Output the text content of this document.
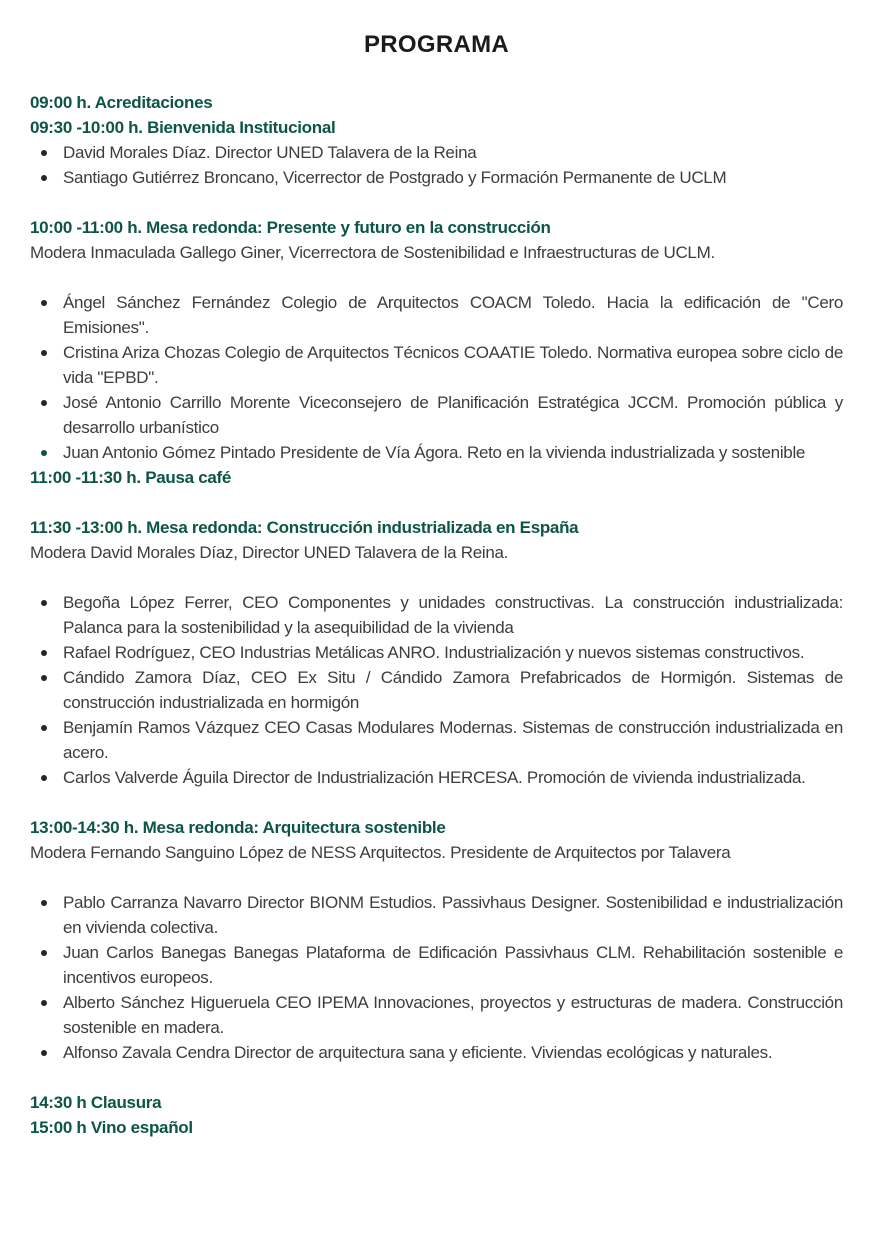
PROGRAMA

09:00 h. Acreditaciones

09:30 -10:00 h. Bienvenida Institucional

David Morales Díaz. Director UNED Talavera de la Reina
Santiago Gutiérrez Broncano, Vicerrector de Postgrado y Formación Permanente de UCLM

10:00 -11:00 h. Mesa redonda: Presente y futuro en la construcción

Modera Inmaculada Gallego Giner, Vicerrectora de Sostenibilidad e Infraestructuras de UCLM.

Ángel Sánchez Fernández Colegio de Arquitectos COACM Toledo. Hacia la edificación de "Cero Emisiones".
Cristina Ariza Chozas Colegio de Arquitectos Técnicos COAATIE Toledo. Normativa europea sobre ciclo de vida "EPBD".
José Antonio Carrillo Morente Viceconsejero de Planificación Estratégica JCCM. Promoción pública y desarrollo urbanístico
Juan Antonio Gómez Pintado Presidente de Vía Ágora. Reto en la vivienda industrializada y sostenible

11:00 -11:30 h. Pausa café

11:30 -13:00 h. Mesa redonda: Construcción industrializada en España

Modera David Morales Díaz, Director UNED Talavera de la Reina.

Begoña López Ferrer, CEO Componentes y unidades constructivas. La construcción industrializada: Palanca para la sostenibilidad y la asequibilidad de la vivienda
Rafael Rodríguez, CEO Industrias Metálicas ANRO. Industrialización y nuevos sistemas constructivos.
Cándido Zamora Díaz, CEO Ex Situ / Cándido Zamora Prefabricados de Hormigón. Sistemas de construcción industrializada en hormigón
Benjamín Ramos Vázquez CEO Casas Modulares Modernas. Sistemas de construcción industrializada en acero.
Carlos Valverde Águila Director de Industrialización HERCESA. Promoción de vivienda industrializada.

13:00-14:30 h. Mesa redonda: Arquitectura sostenible

Modera Fernando Sanguino López de NESS Arquitectos. Presidente de Arquitectos por Talavera

Pablo Carranza Navarro Director BIONM Estudios. Passivhaus Designer. Sostenibilidad e industrialización en vivienda colectiva.
Juan Carlos Banegas Banegas Plataforma de Edificación Passivhaus CLM. Rehabilitación sostenible e incentivos europeos.
Alberto Sánchez Higueruela CEO IPEMA Innovaciones, proyectos y estructuras de madera. Construcción sostenible en madera.
Alfonso Zavala Cendra Director de arquitectura sana y eficiente. Viviendas ecológicas y naturales.

14:30 h Clausura

15:00 h Vino español
